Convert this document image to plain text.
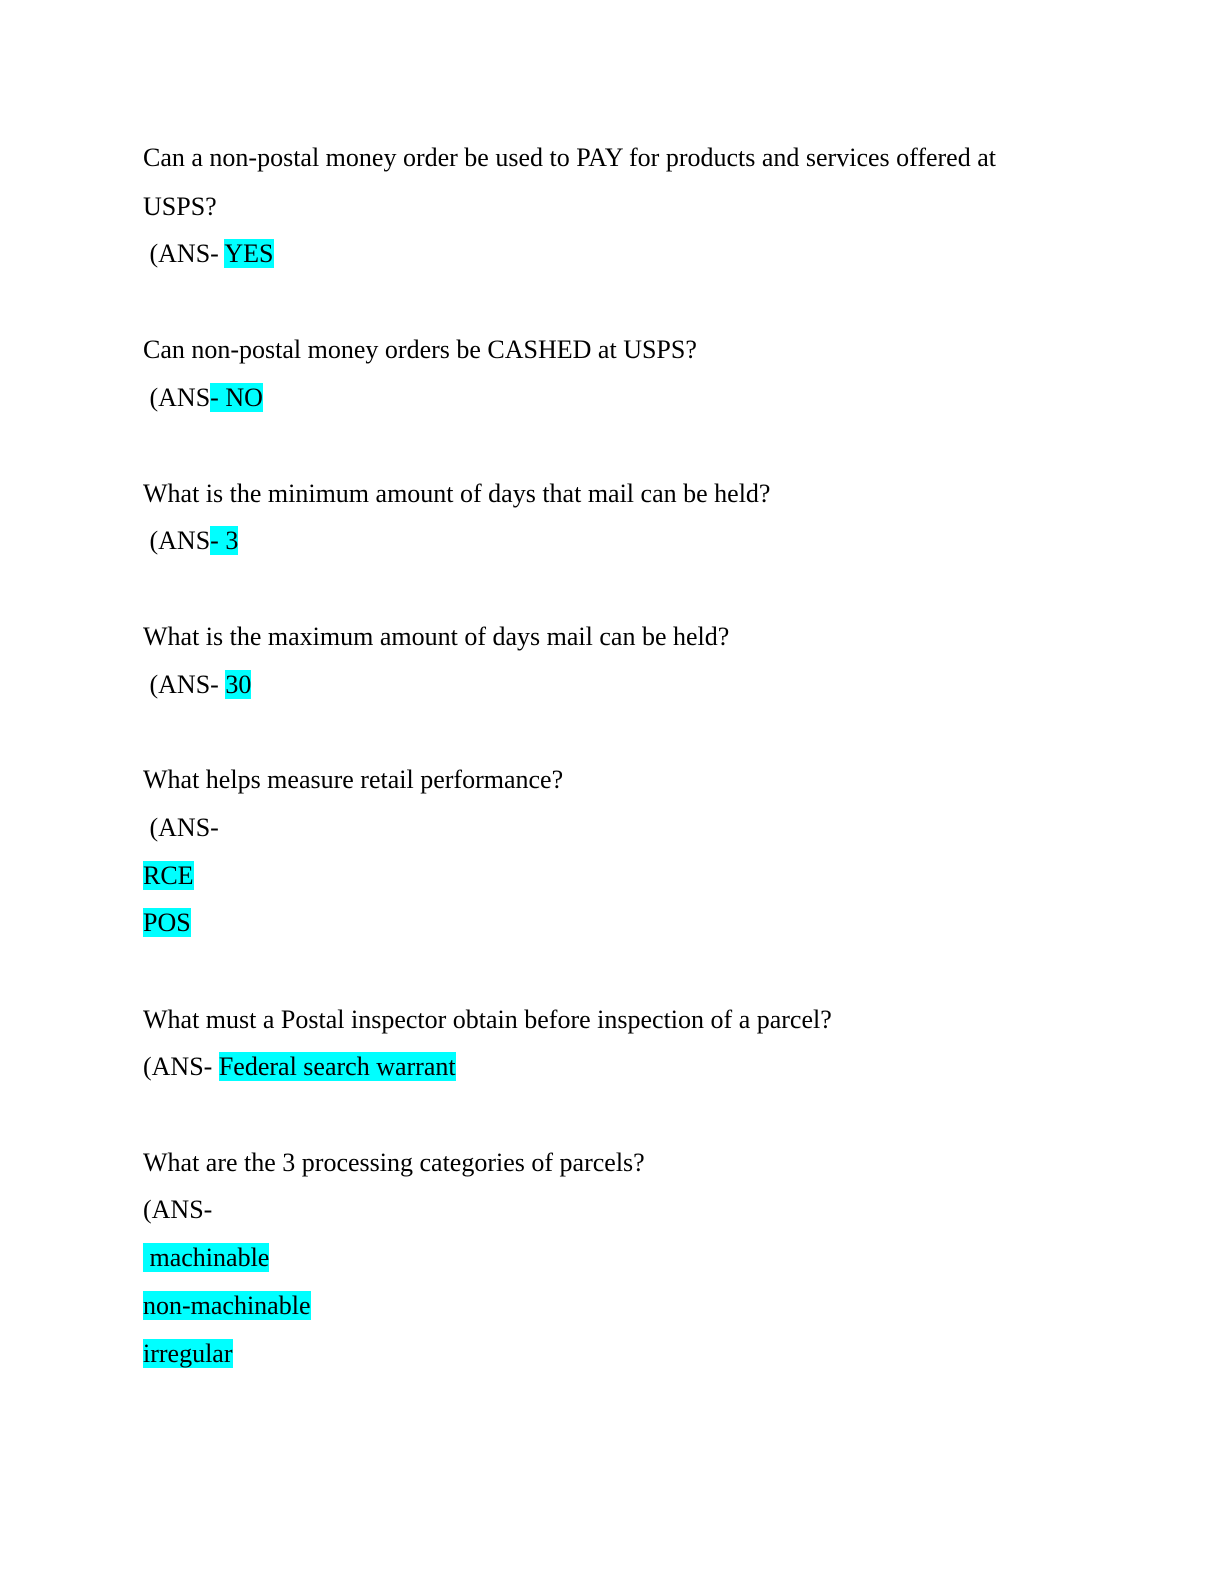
Can a non-postal money order be used to PAY for products and services offered at
USPS?
(ANS- YES
Can non-postal money orders be CASHED at USPS?
(ANS- NO
What is the minimum amount of days that mail can be held?
(ANS- 3
What is the maximum amount of days mail can be held?
(ANS- 30
What helps measure retail performance?
(ANS-
RCE
POS
What must a Postal inspector obtain before inspection of a parcel?
(ANS- Federal search warrant
What are the 3 processing categories of parcels?
(ANS-
machinable
non-machinable
irregular
